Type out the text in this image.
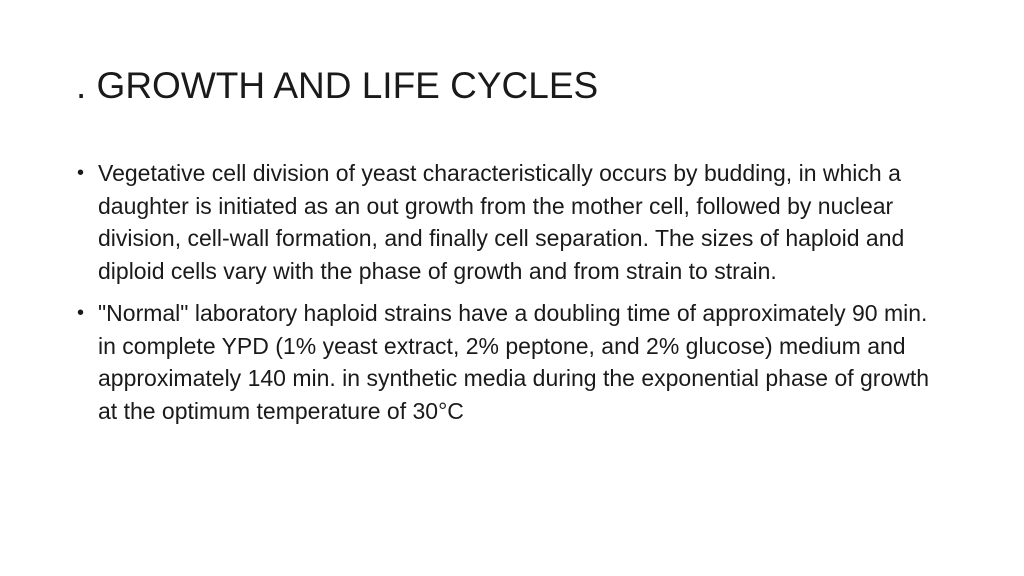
. GROWTH AND LIFE CYCLES
• Vegetative cell division of yeast characteristically occurs by budding, in which a daughter is initiated as an out growth from the mother cell, followed by nuclear division, cell-wall formation, and finally cell separation. The sizes of haploid and diploid cells vary with the phase of growth and from strain to strain.
• "Normal" laboratory haploid strains have a doubling time of approximately 90 min. in complete YPD (1% yeast extract, 2% peptone, and 2% glucose) medium and approximately 140 min. in synthetic media during the exponential phase of growth at the optimum temperature of 30°C
